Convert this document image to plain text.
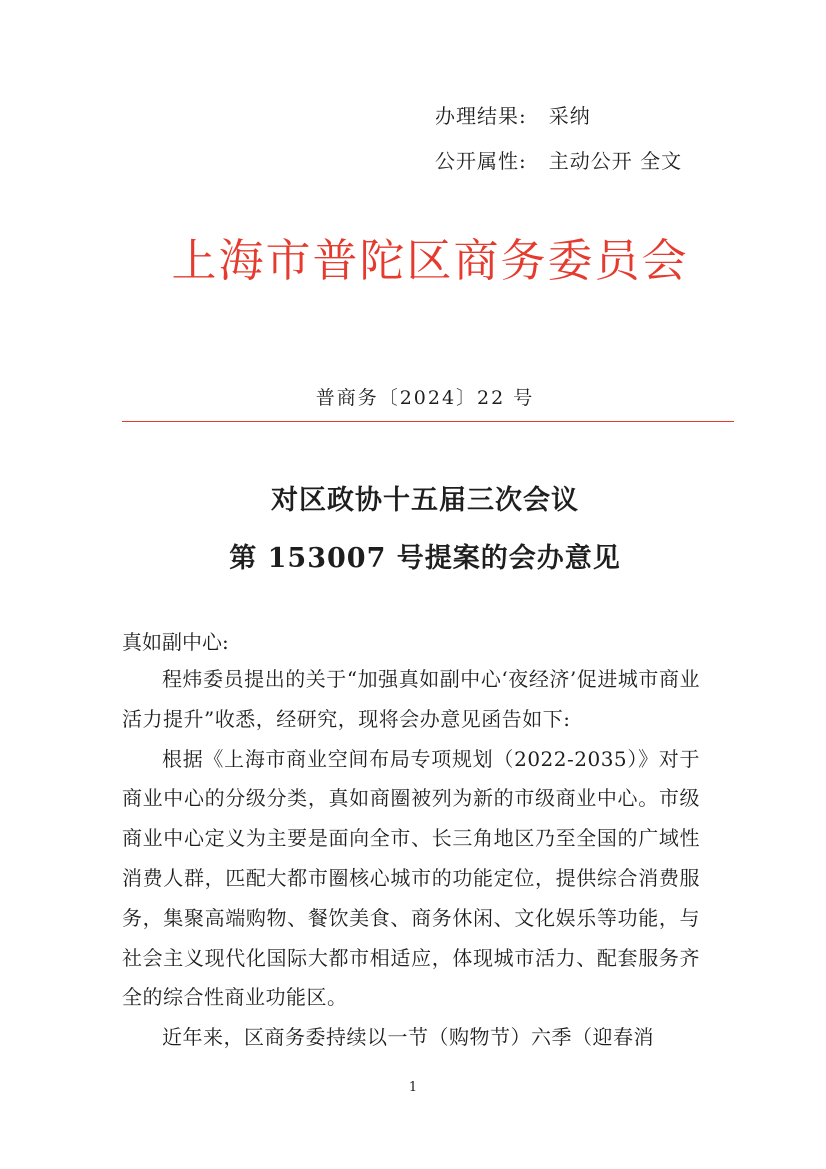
办理结果: 采纳
公开属性: 主动公开 全文
上海市普陀区商务委员会
普商务〔2024〕22 号
对区政协十五届三次会议
第 153007 号提案的会办意见
真如副中心:

程炜委员提出的关于“加强真如副中心‘夜经济’促进城市商业活力提升”收悉，经研究，现将会办意见函告如下:

根据《上海市商业空间布局专项规划（2022-2035）》对于商业中心的分级分类，真如商圈被列为新的市级商业中心。市级商业中心定义为主要是面向全市、长三角地区乃至全国的广域性消费人群，匹配大都市圈核心城市的功能定位，提供综合消费服务，集聚高端购物、餐饮美食、商务休闲、文化娱乐等功能，与社会主义现代化国际大都市相适应，体现城市活力、配套服务齐全的综合性商业功能区。

近年来，区商务委持续以一节（购物节）六季（迎春消

1
